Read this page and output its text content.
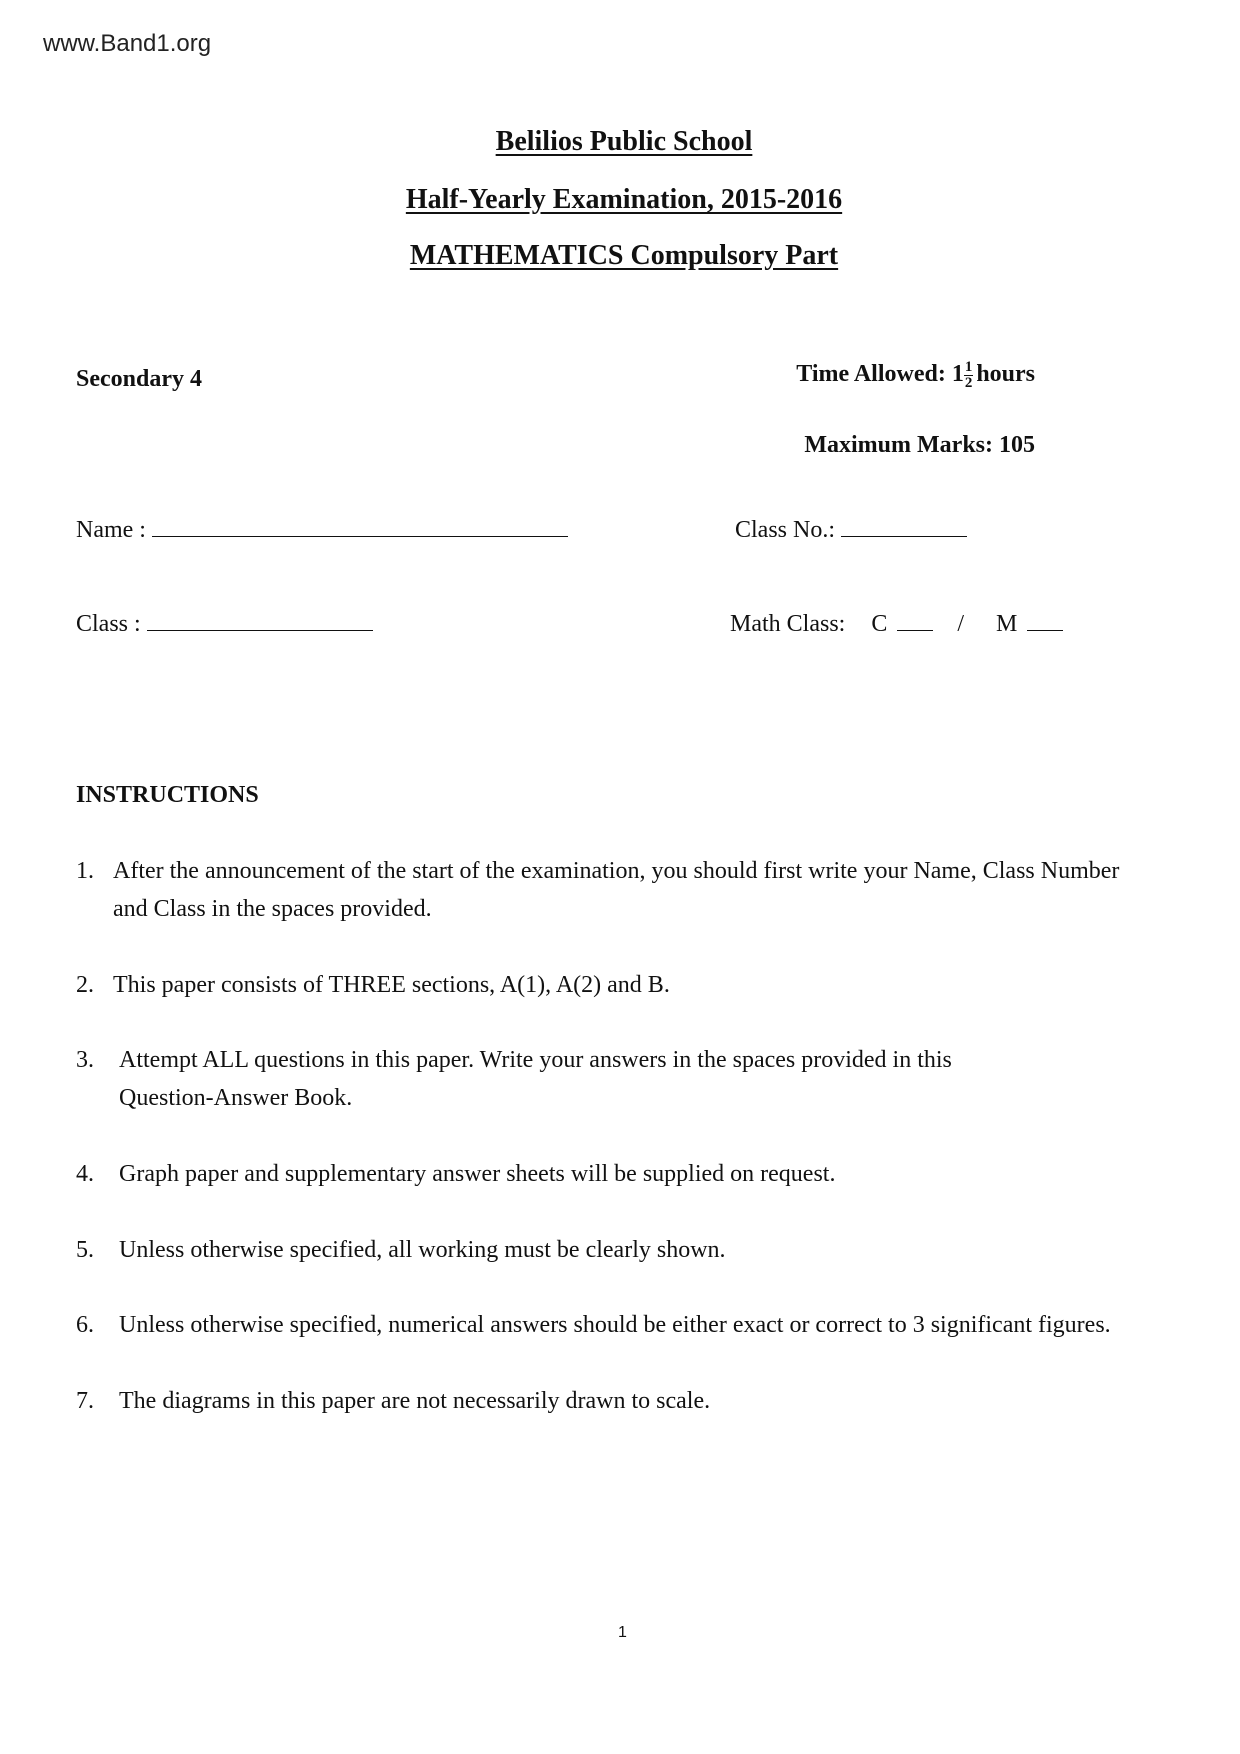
www.Band1.org
Belilios Public School
Half-Yearly Examination, 2015-2016
MATHEMATICS Compulsory Part
Secondary 4	Time Allowed: $1 \frac{1}{2}$ hours
Maximum Marks: 105
Name :	Class No.:
Class :	Math Class: C	/ M
INSTRUCTIONS
1. After the announcement of the start of the examination, you should first write your Name, Class Number
and Class in the spaces provided.
2. This paper consists of THREE sections, A(1), A(2) and B.
3. Attempt ALL questions in this paper. Write your answers in the spaces provided in this
Question-Answer Book.
4. Graph paper and supplementary answer sheets will be supplied on request.
5. Unless otherwise specified, all working must be clearly shown.
6. Unless otherwise specified, numerical answers should be either exact or correct to 3 significant figures.
7. The diagrams in this paper are not necessarily drawn to scale.
1
